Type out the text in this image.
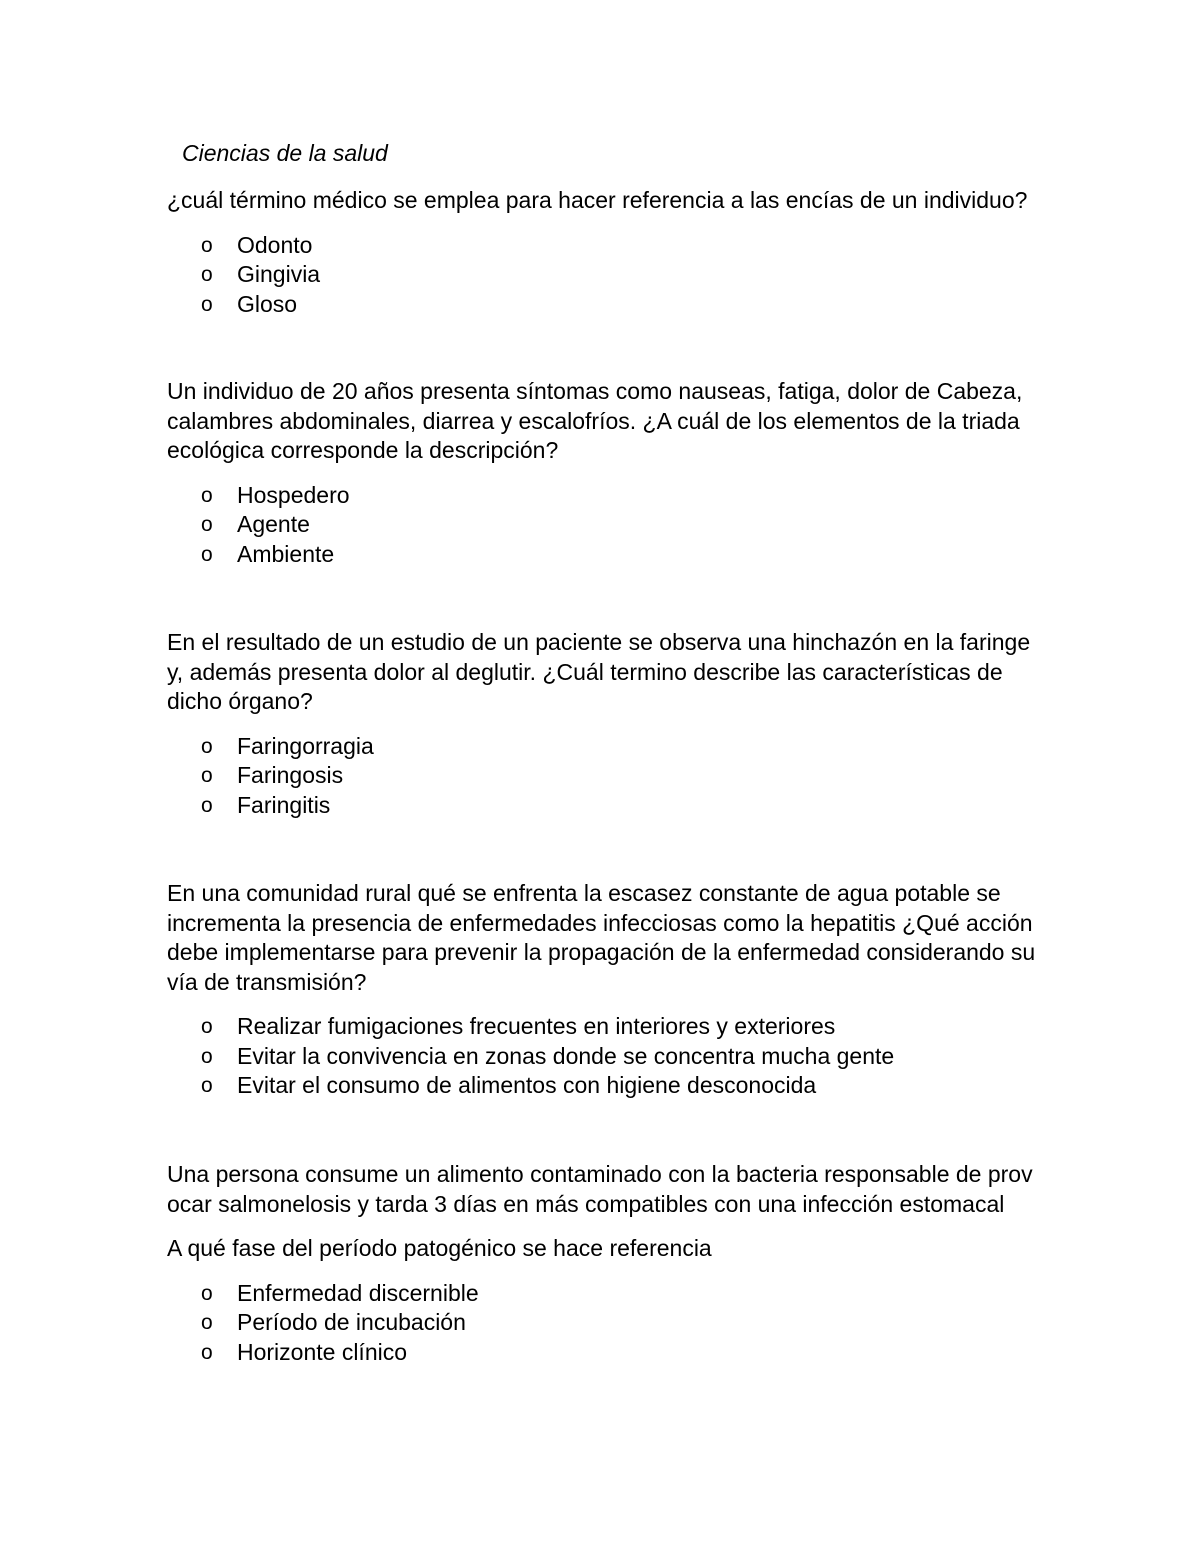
Ciencias de la salud

¿cuál término médico se emplea para hacer referencia a las encías de un individuo?

o Odonto
o Gingivia
o Gloso

Un individuo de 20 años presenta síntomas como nauseas, fatiga, dolor de Cabeza,
calambres abdominales, diarrea y escalofríos. ¿A cuál de los elementos de la triada
ecológica corresponde la descripción?

o Hospedero
o Agente
o Ambiente

En el resultado de un estudio de un paciente se observa una hinchazón en la faringe
y, además presenta dolor al deglutir. ¿Cuál termino describe las características de
dicho órgano?

o Faringorragia
o Faringosis
o Faringitis

En una comunidad rural qué se enfrenta la escasez constante de agua potable se
incrementa la presencia de enfermedades infecciosas como la hepatitis ¿Qué acción
debe implementarse para prevenir la propagación de la enfermedad considerando su
vía de transmisión?

o Realizar fumigaciones frecuentes en interiores y exteriores
o Evitar la convivencia en zonas donde se concentra mucha gente
o Evitar el consumo de alimentos con higiene desconocida

Una persona consume un alimento contaminado con la bacteria responsable de prov
ocar salmonelosis y tarda 3 días en más compatibles con una infección estomacal

A qué fase del período patogénico se hace referencia

o Enfermedad discernible
o Período de incubación
o Horizonte clínico
